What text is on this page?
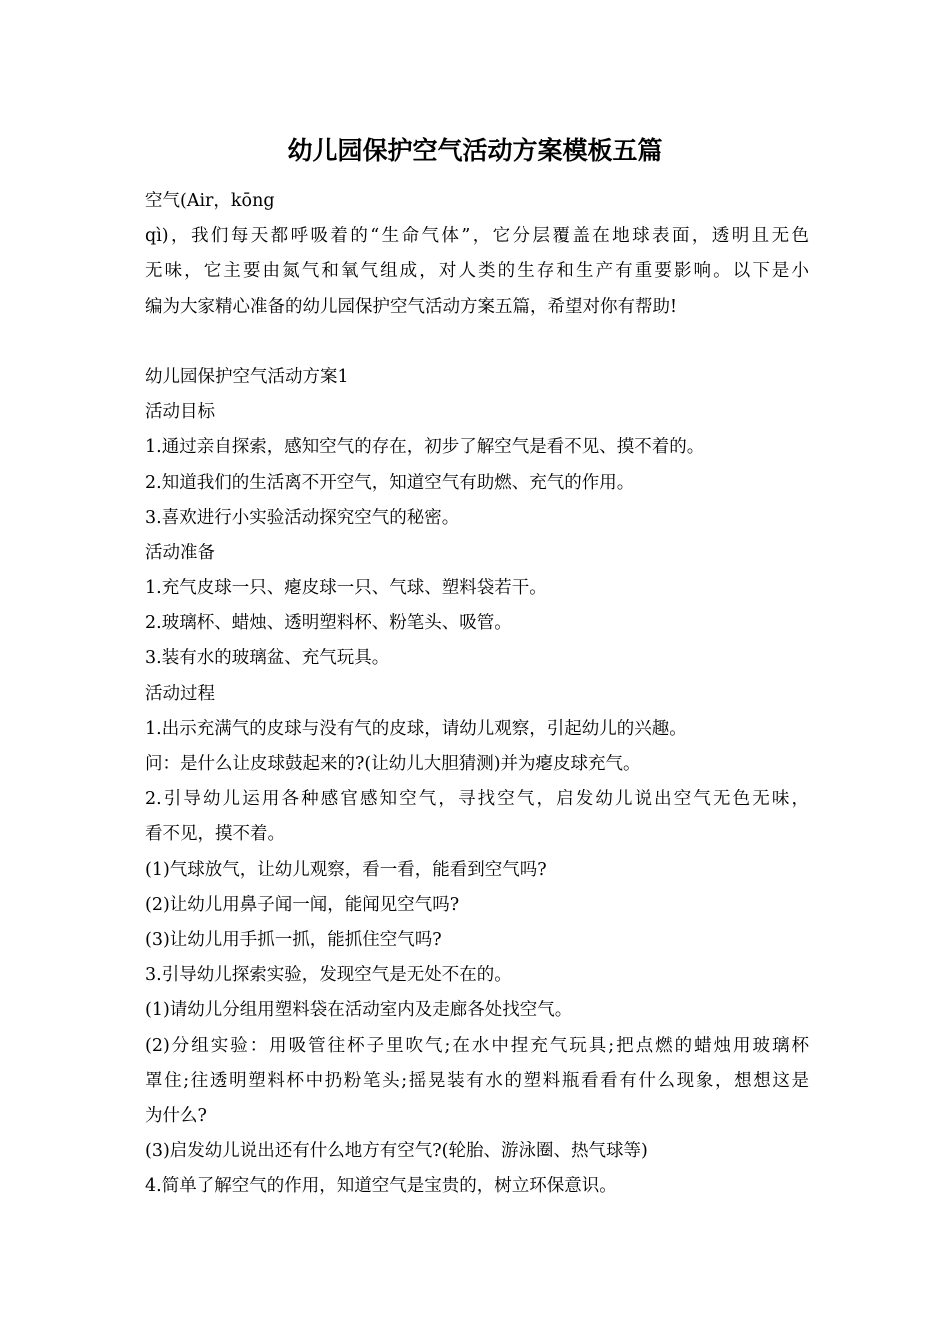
幼儿园保护空气活动方案模板五篇

空气(Air，kōng

qì)，我们每天都呼吸着的“生命气体”，它分层覆盖在地球表面，透明且无色

无味，它主要由氮气和氧气组成，对人类的生存和生产有重要影响。以下是小

编为大家精心准备的幼儿园保护空气活动方案五篇，希望对你有帮助!

幼儿园保护空气活动方案1

活动目标

1.通过亲自探索，感知空气的存在，初步了解空气是看不见、摸不着的。

2.知道我们的生活离不开空气，知道空气有助燃、充气的作用。

3.喜欢进行小实验活动探究空气的秘密。

活动准备

1.充气皮球一只、瘪皮球一只、气球、塑料袋若干。

2.玻璃杯、蜡烛、透明塑料杯、粉笔头、吸管。

3.装有水的玻璃盆、充气玩具。

活动过程

1.出示充满气的皮球与没有气的皮球，请幼儿观察，引起幼儿的兴趣。

问：是什么让皮球鼓起来的?(让幼儿大胆猜测)并为瘪皮球充气。

2.引导幼儿运用各种感官感知空气，寻找空气，启发幼儿说出空气无色无味，

看不见，摸不着。

(1)气球放气，让幼儿观察，看一看，能看到空气吗?

(2)让幼儿用鼻子闻一闻，能闻见空气吗?

(3)让幼儿用手抓一抓，能抓住空气吗?

3.引导幼儿探索实验，发现空气是无处不在的。

(1)请幼儿分组用塑料袋在活动室内及走廊各处找空气。

(2)分组实验：用吸管往杯子里吹气;在水中捏充气玩具;把点燃的蜡烛用玻璃杯

罩住;往透明塑料杯中扔粉笔头;摇晃装有水的塑料瓶看看有什么现象，想想这是

为什么?

(3)启发幼儿说出还有什么地方有空气?(轮胎、游泳圈、热气球等)

4.简单了解空气的作用，知道空气是宝贵的，树立环保意识。
